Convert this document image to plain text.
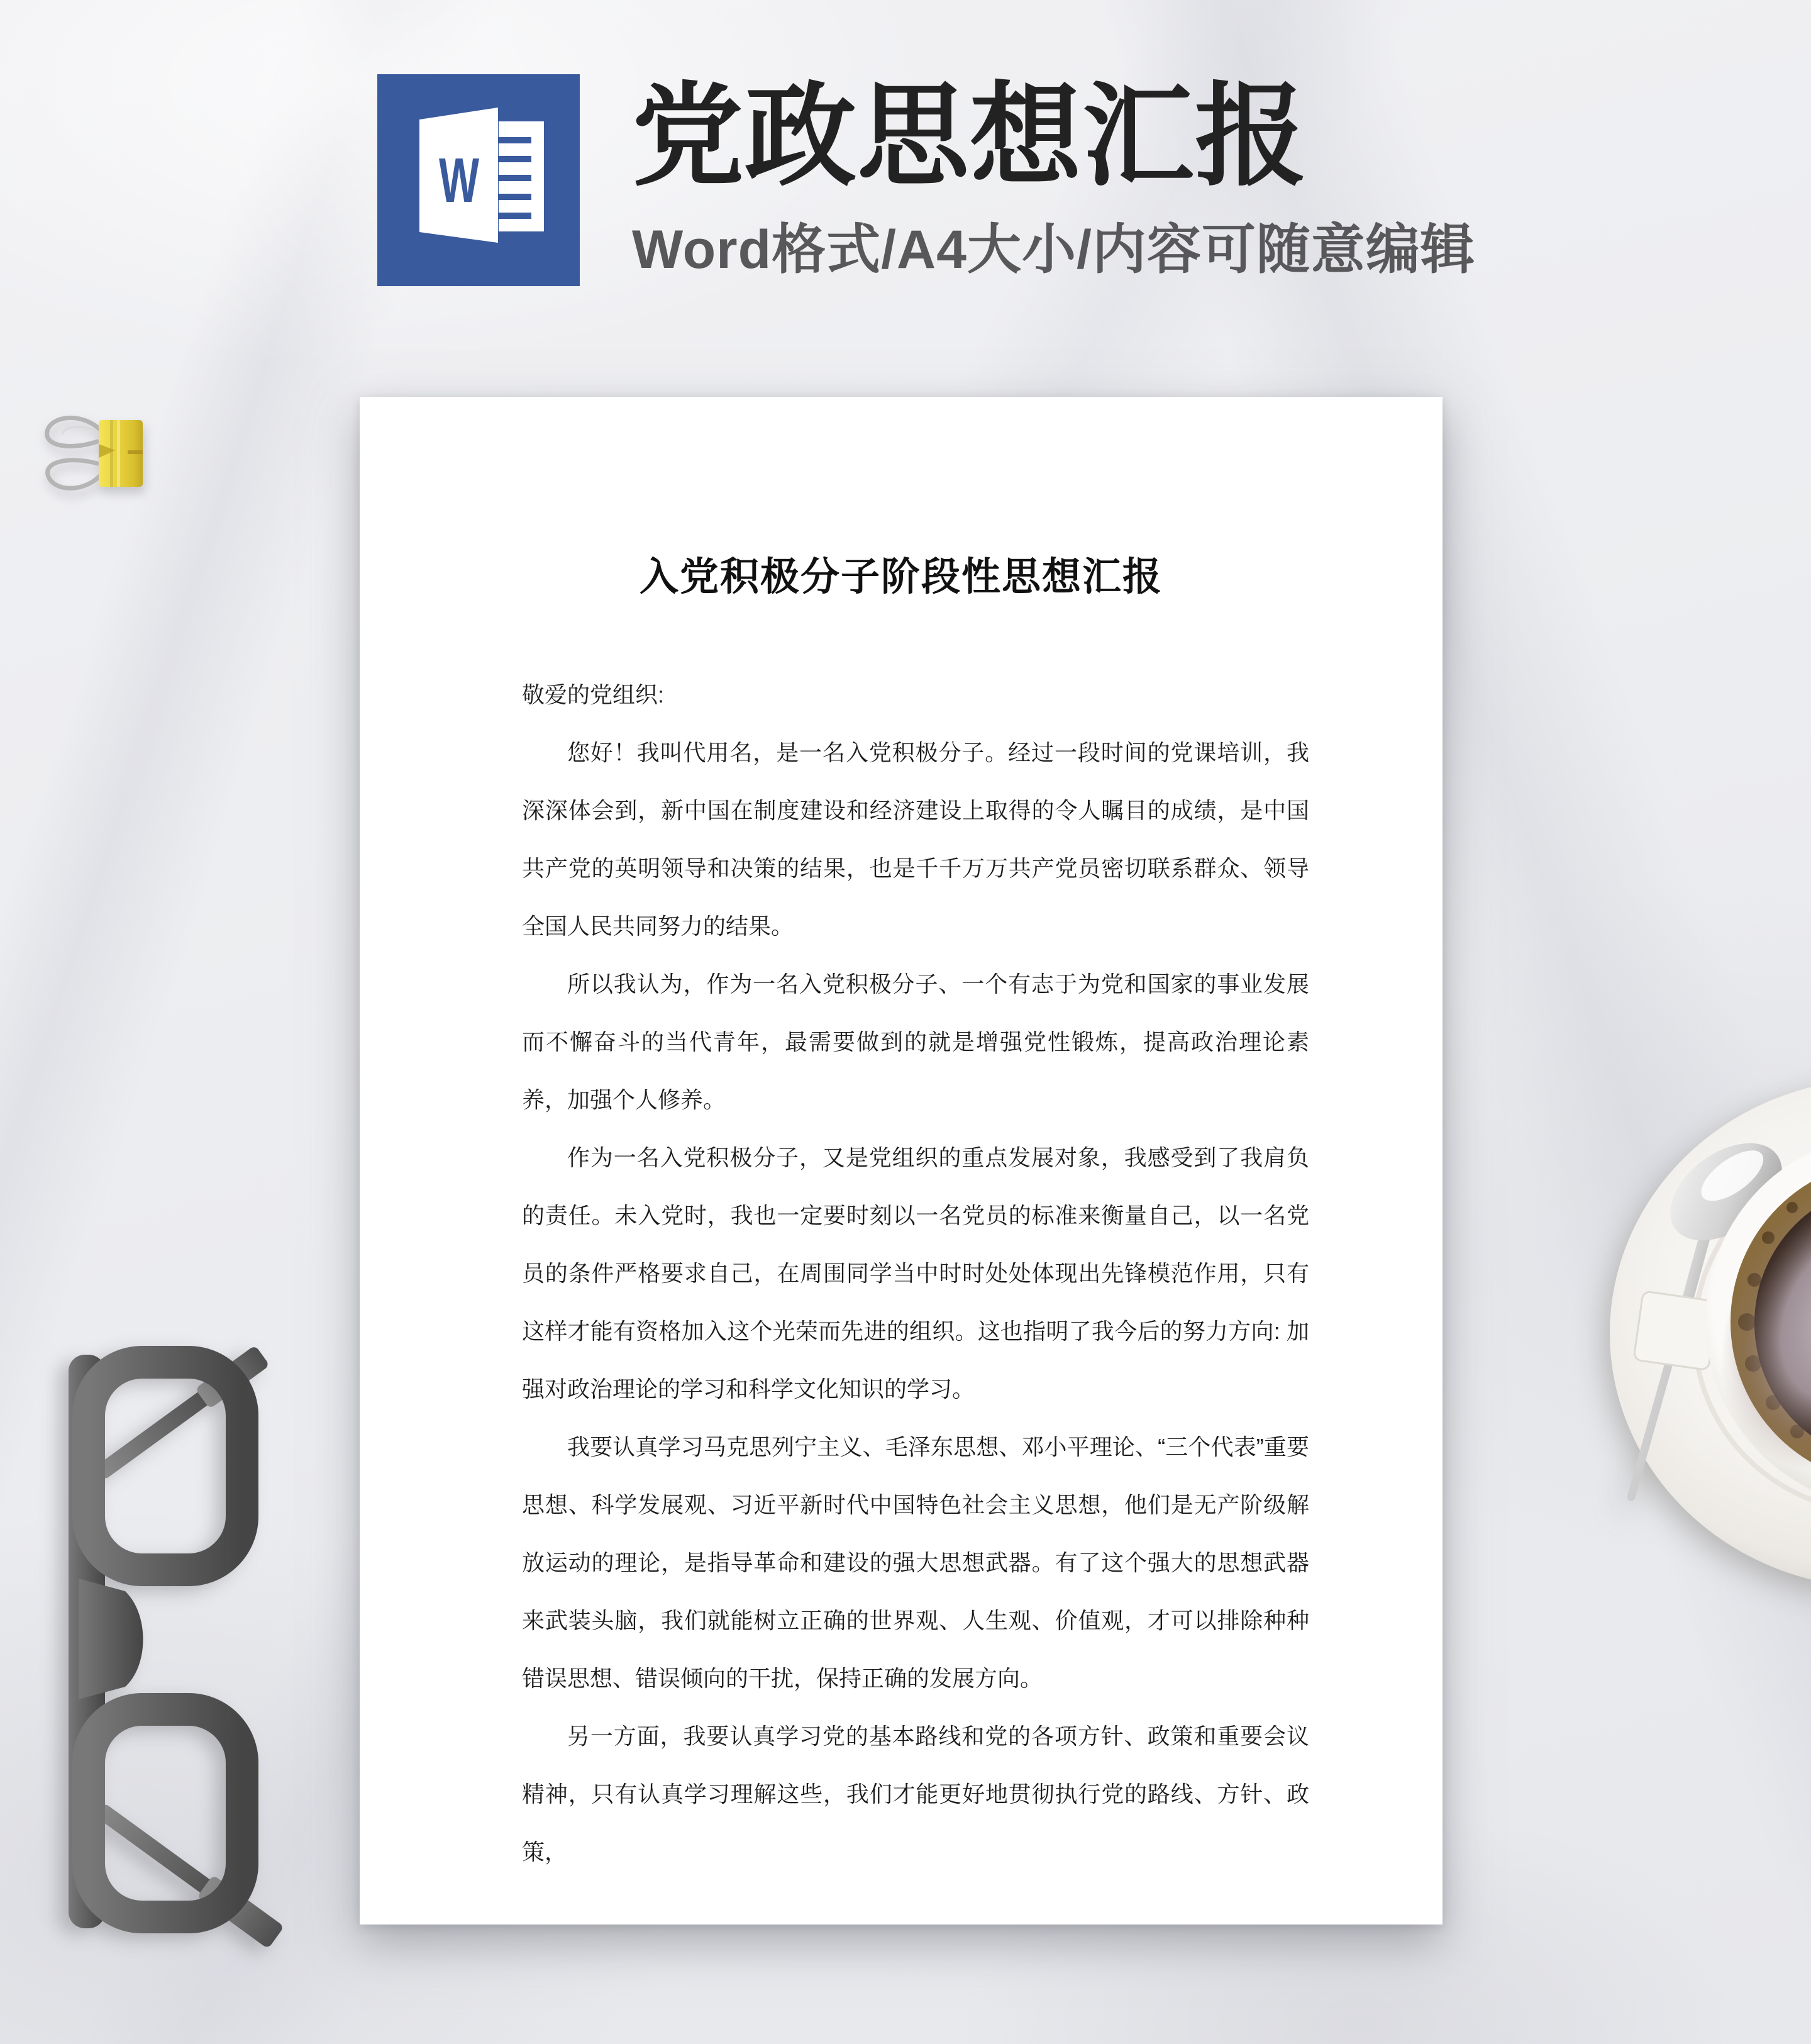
W 党政思想汇报
Word格式/A4大小/内容可随意编辑
入党积极分子阶段性思想汇报

敬爱的党组织:

您好！我叫代用名，是一名入党积极分子。经过一段时间的党课培训，我深深体会到，新中国在制度建设和经济建设上取得的令人瞩目的成绩，是中国共产党的英明领导和决策的结果，也是千千万万共产党员密切联系群众、领导全国人民共同努力的结果。

所以我认为，作为一名入党积极分子、一个有志于为党和国家的事业发展而不懈奋斗的当代青年，最需要做到的就是增强党性锻炼，提高政治理论素养，加强个人修养。

作为一名入党积极分子，又是党组织的重点发展对象，我感受到了我肩负的责任。未入党时，我也一定要时刻以一名党员的标准来衡量自己，以一名党员的条件严格要求自己，在周围同学当中时时处处体现出先锋模范作用，只有这样才能有资格加入这个光荣而先进的组织。这也指明了我今后的努力方向: 加强对政治理论的学习和科学文化知识的学习。

我要认真学习马克思列宁主义、毛泽东思想、邓小平理论、“三个代表”重要思想、科学发展观、习近平新时代中国特色社会主义思想，他们是无产阶级解放运动的理论，是指导革命和建设的强大思想武器。有了这个强大的思想武器来武装头脑，我们就能树立正确的世界观、人生观、价值观，才可以排除种种错误思想、错误倾向的干扰，保持正确的发展方向。

另一方面，我要认真学习党的基本路线和党的各项方针、政策和重要会议精神，只有认真学习理解这些，我们才能更好地贯彻执行党的路线、方针、政策，
